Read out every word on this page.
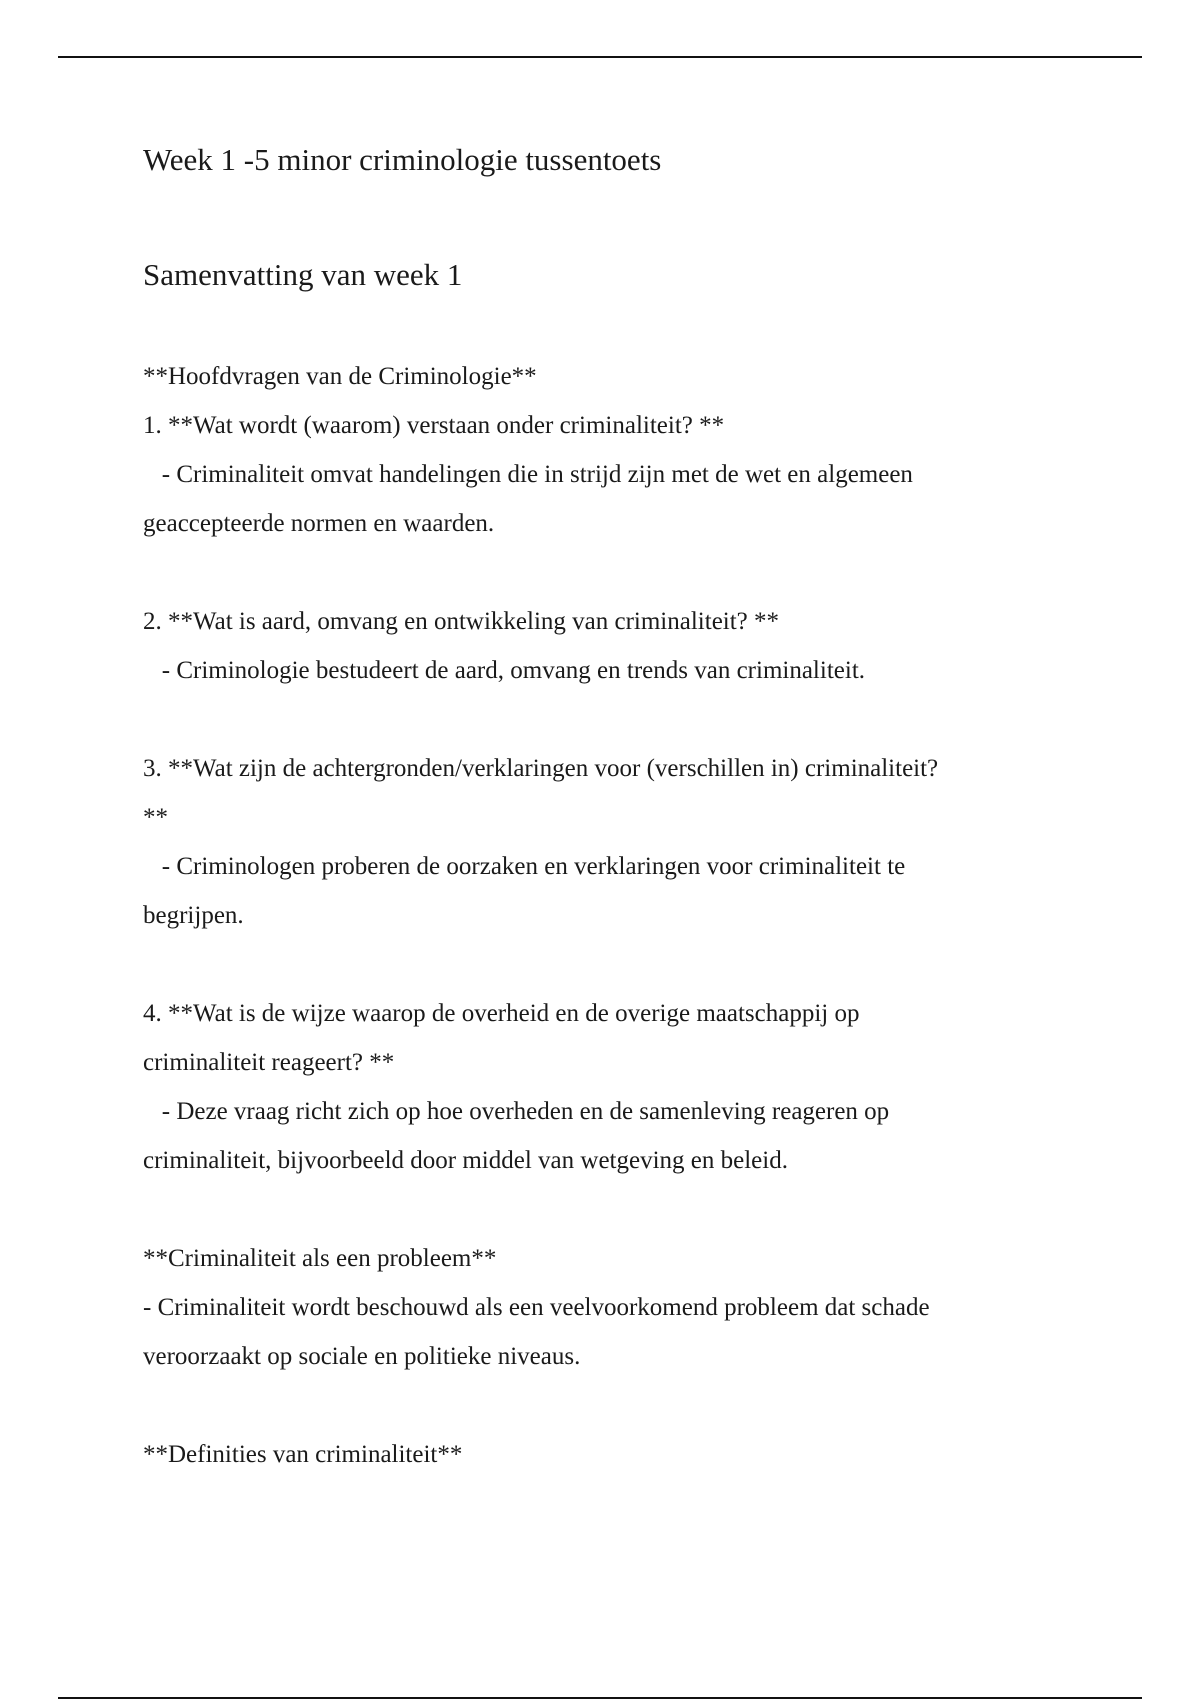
Week 1 -5 minor criminologie tussentoets
Samenvatting van week 1
**Hoofdvragen van de Criminologie**
1. **Wat wordt (waarom) verstaan onder criminaliteit? **
- Criminaliteit omvat handelingen die in strijd zijn met de wet en algemeen
geaccepteerde normen en waarden.
2. **Wat is aard, omvang en ontwikkeling van criminaliteit? **
- Criminologie bestudeert de aard, omvang en trends van criminaliteit.
3. **Wat zijn de achtergronden/verklaringen voor (verschillen in) criminaliteit?
**
- Criminologen proberen de oorzaken en verklaringen voor criminaliteit te
begrijpen.
4. **Wat is de wijze waarop de overheid en de overige maatschappij op
criminaliteit reageert? **
- Deze vraag richt zich op hoe overheden en de samenleving reageren op
criminaliteit, bijvoorbeeld door middel van wetgeving en beleid.
**Criminaliteit als een probleem**
- Criminaliteit wordt beschouwd als een veelvoorkomend probleem dat schade
veroorzaakt op sociale en politieke niveaus.
**Definities van criminaliteit**
